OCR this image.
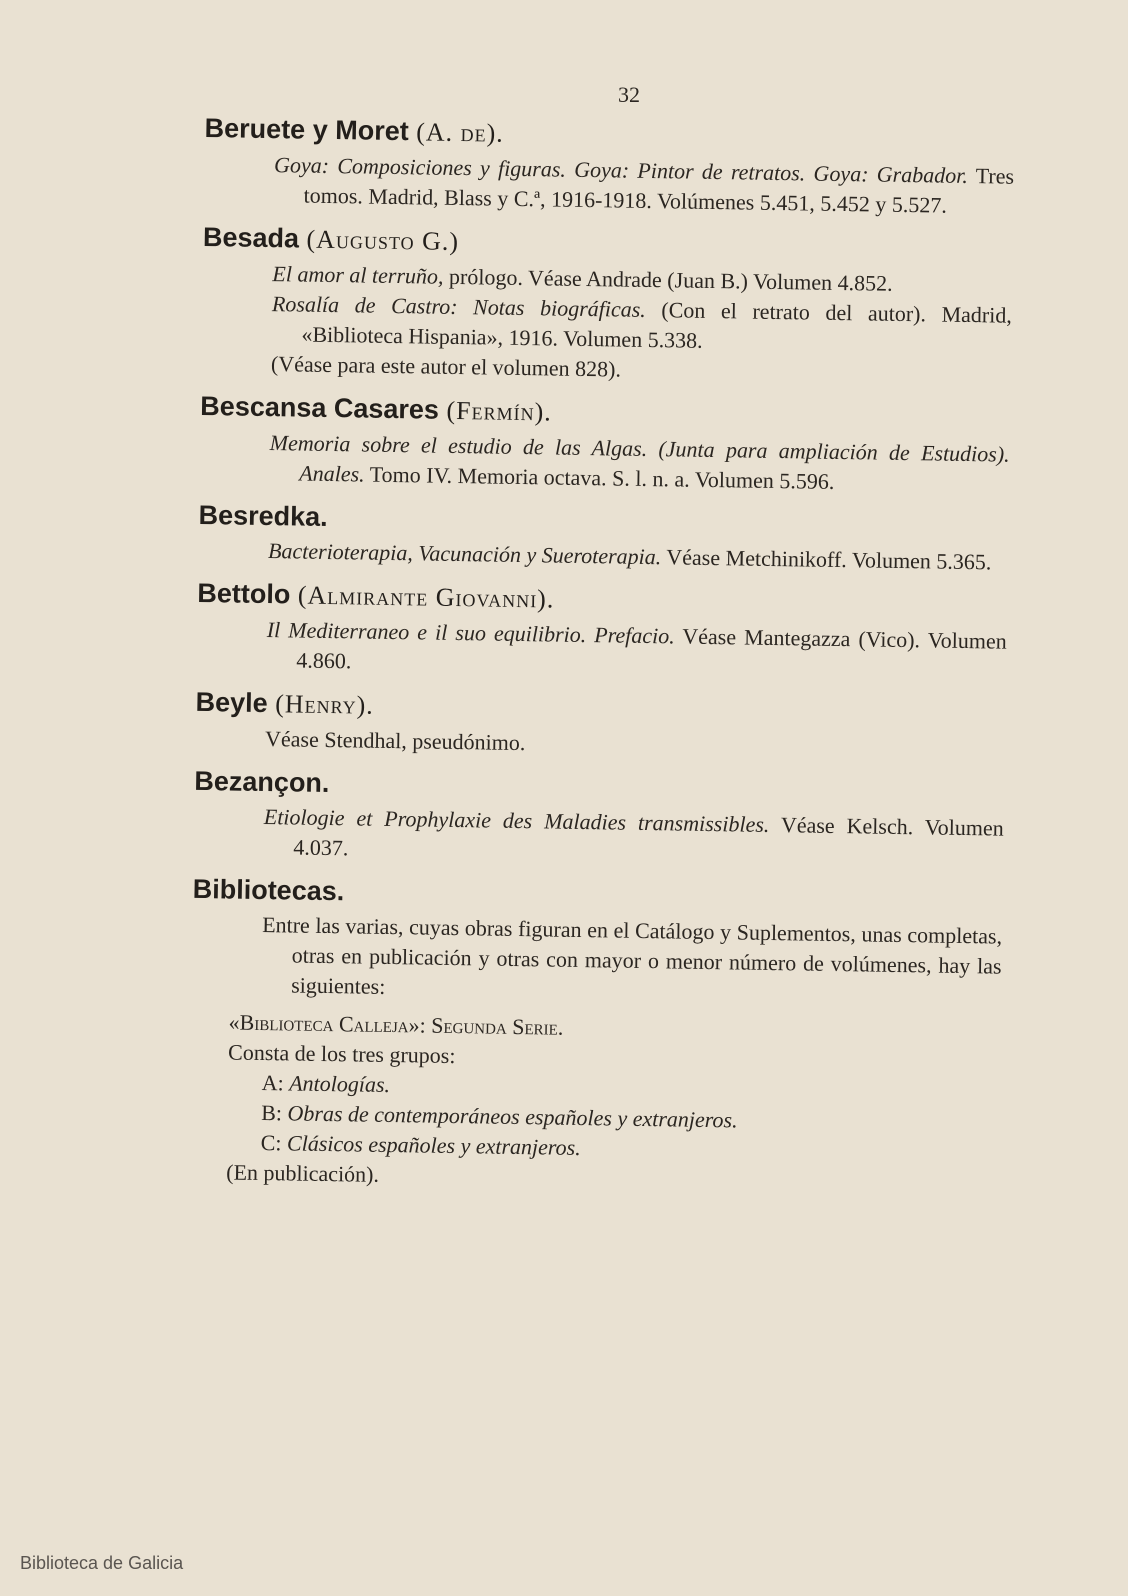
32
Beruete y Moret (A. de).
Goya: Composiciones y figuras. Goya: Pintor de retratos. Goya: Grabador. Tres tomos. Madrid, Blass y C.ª, 1916-1918. Volúmenes 5.451, 5.452 y 5.527.
Besada (Augusto G.)
El amor al terruño, prólogo. Véase Andrade (Juan B.) Volumen 4.852.
Rosalía de Castro: Notas biográficas. (Con el retrato del autor). Madrid, «Biblioteca Hispania», 1916. Volumen 5.338.
(Véase para este autor el volumen 828).
Bescansa Casares (Fermín).
Memoria sobre el estudio de las Algas. (Junta para ampliación de Estudios). Anales. Tomo IV. Memoria octava. S. l. n. a. Volumen 5.596.
Besredka.
Bacterioterapia, Vacunación y Sueroterapia. Véase Metchinikoff. Volumen 5.365.
Bettolo (Almirante Giovanni).
Il Mediterraneo e il suo equilibrio. Prefacio. Véase Mantegazza (Vico). Volumen 4.860.
Beyle (Henry).
Véase Stendhal, pseudónimo.
Bezançon.
Etiologie et Prophylaxie des Maladies transmissibles. Véase Kelsch. Volumen 4.037.
Bibliotecas.
Entre las varias, cuyas obras figuran en el Catálogo y Suplementos, unas completas, otras en publicación y otras con mayor o menor número de volúmenes, hay las siguientes:
«Biblioteca Calleja»: Segunda Serie.
Consta de los tres grupos:
A: Antologías.
B: Obras de contemporáneos españoles y extranjeros.
C: Clásicos españoles y extranjeros.
(En publicación).
Biblioteca de Galicia
